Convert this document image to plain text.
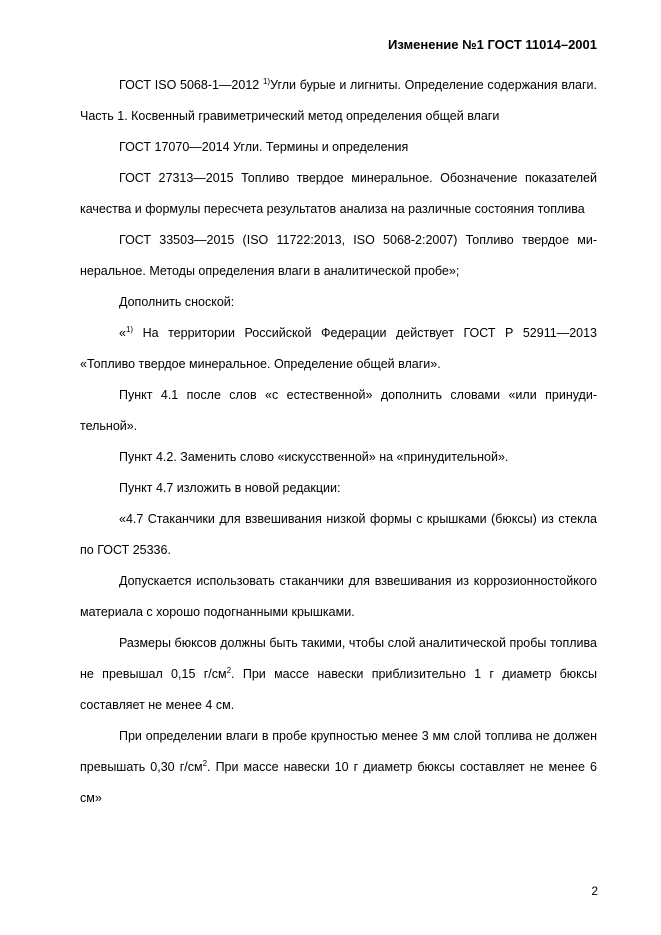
Изменение №1 ГОСТ 11014–2001

ГОСТ ISO 5068-1—2012 $^{1)}$Угли бурые и лигниты. Определение содержания влаги. Часть 1. Косвенный гравиметрический метод определения общей влаги

ГОСТ 17070—2014 Угли. Термины и определения

ГОСТ 27313—2015 Топливо твердое минеральное. Обозначение показателей качества и формулы пересчета результатов анализа на различные состояния топлива

ГОСТ 33503—2015 (ISO 11722:2013, ISO 5068-2:2007) Топливо твердое минеральное. Методы определения влаги в аналитической пробе»;

Дополнить сноской:

«$^{1)}$ На территории Российской Федерации действует ГОСТ Р 52911—2013 «Топливо твердое минеральное. Определение общей влаги».

Пункт 4.1 после слов «с естественной» дополнить словами «или принудительной».

Пункт 4.2. Заменить слово «искусственной» на «принудительной».

Пункт 4.7 изложить в новой редакции:

«4.7 Стаканчики для взвешивания низкой формы с крышками (бюксы) из стекла по ГОСТ 25336.

Допускается использовать стаканчики для взвешивания из коррозионностойкого материала с хорошо подогнанными крышками.

Размеры бюксов должны быть такими, чтобы слой аналитической пробы топлива не превышал 0,15 $г/см^2$. При массе навески приблизительно 1 г диаметр бюксы составляет не менее 4 см.

При определении влаги в пробе крупностью менее 3 мм слой топлива не должен превышать 0,30 $г/см^2$. При массе навески 10 г диаметр бюксы составляет не менее 6 см»

2
